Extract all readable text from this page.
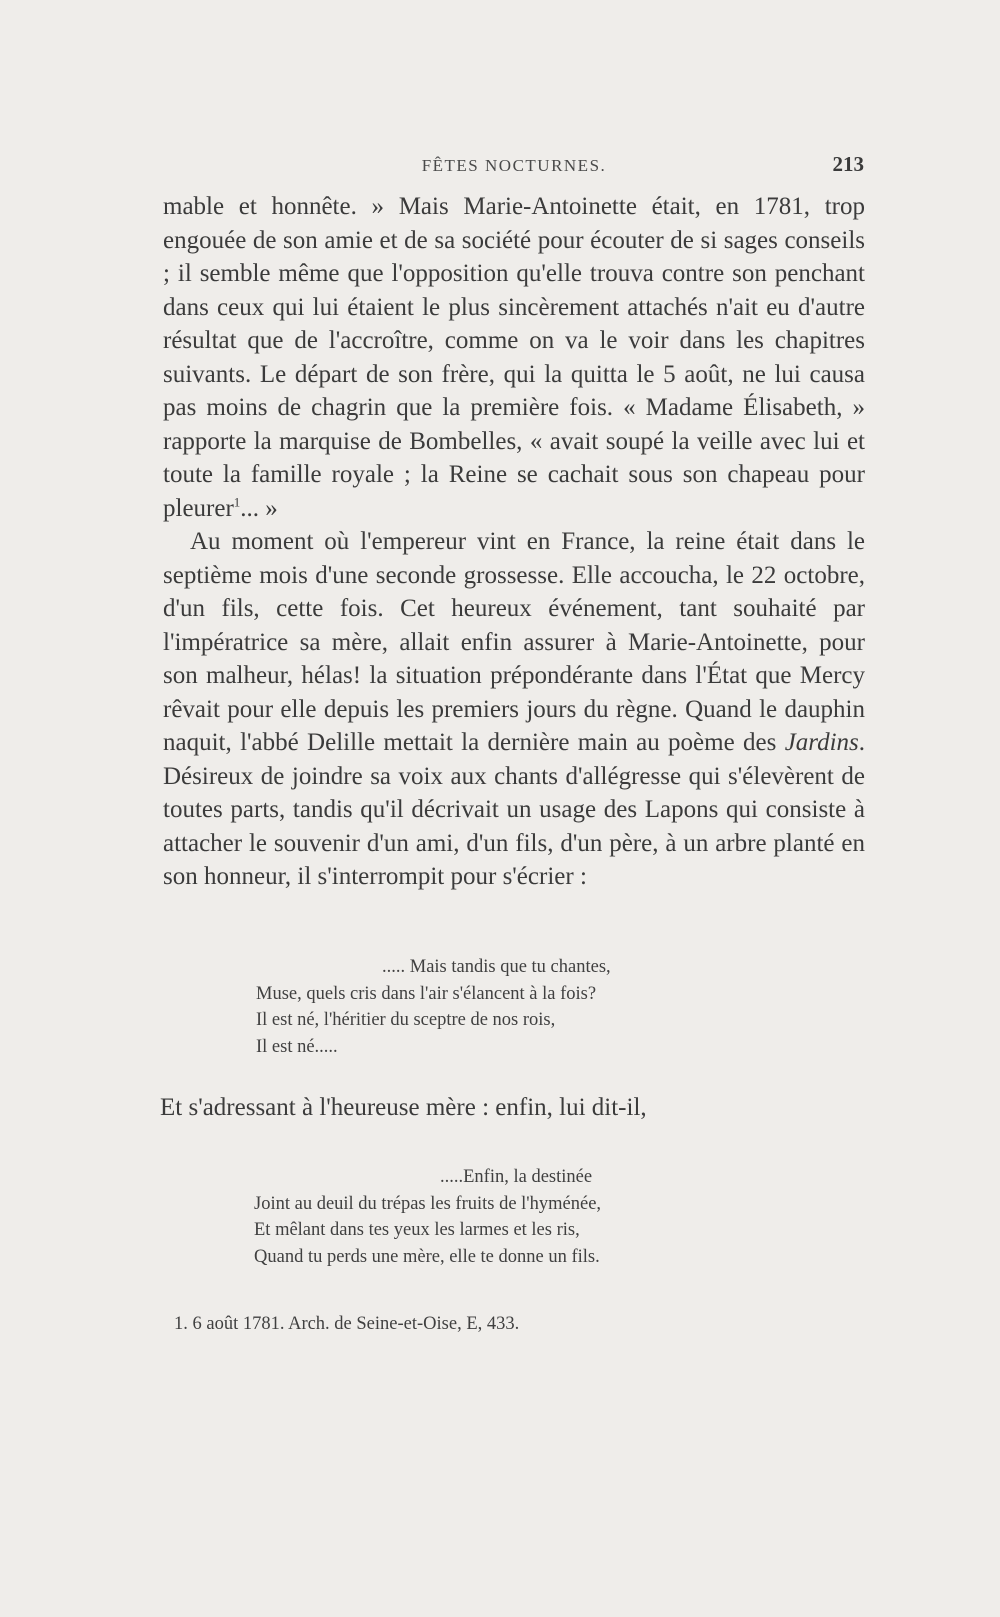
FÊTES NOCTURNES.	213

mable et honnête. » Mais Marie-Antoinette était, en 1781, trop engouée de son amie et de sa société pour écouter de si sages conseils ; il semble même que l'opposition qu'elle trouva contre son penchant dans ceux qui lui étaient le plus sincèrement attachés n'ait eu d'autre résultat que de l'accroître, comme on va le voir dans les chapitres suivants. Le départ de son frère, qui la quitta le 5 août, ne lui causa pas moins de chagrin que la première fois. « Madame Élisabeth, » rapporte la marquise de Bombelles, « avait soupé la veille avec lui et toute la famille royale ; la Reine se cachait sous son chapeau pour pleurer$^1$... »

Au moment où l'empereur vint en France, la reine était dans le septième mois d'une seconde grossesse. Elle accoucha, le 22 octobre, d'un fils, cette fois. Cet heureux événement, tant souhaité par l'impératrice sa mère, allait enfin assurer à Marie-Antoinette, pour son malheur, hélas! la situation prépondérante dans l'État que Mercy rêvait pour elle depuis les premiers jours du règne. Quand le dauphin naquit, l'abbé Delille mettait la dernière main au poème des Jardins. Désireux de joindre sa voix aux chants d'allégresse qui s'élevèrent de toutes parts, tandis qu'il décrivait un usage des Lapons qui consiste à attacher le souvenir d'un ami, d'un fils, d'un père, à un arbre planté en son honneur, il s'interrompit pour s'écrier :

..... Mais tandis que tu chantes,
Muse, quels cris dans l'air s'élancent à la fois?
Il est né, l'héritier du sceptre de nos rois,
Il est né.....
Et s'adressant à l'heureuse mère : enfin, lui dit-il,
.....Enfin, la destinée
Joint au deuil du trépas les fruits de l'hyménée,
Et mêlant dans tes yeux les larmes et les ris,
Quand tu perds une mère, elle te donne un fils.
1. 6 août 1781. Arch. de Seine-et-Oise, E, 433.
